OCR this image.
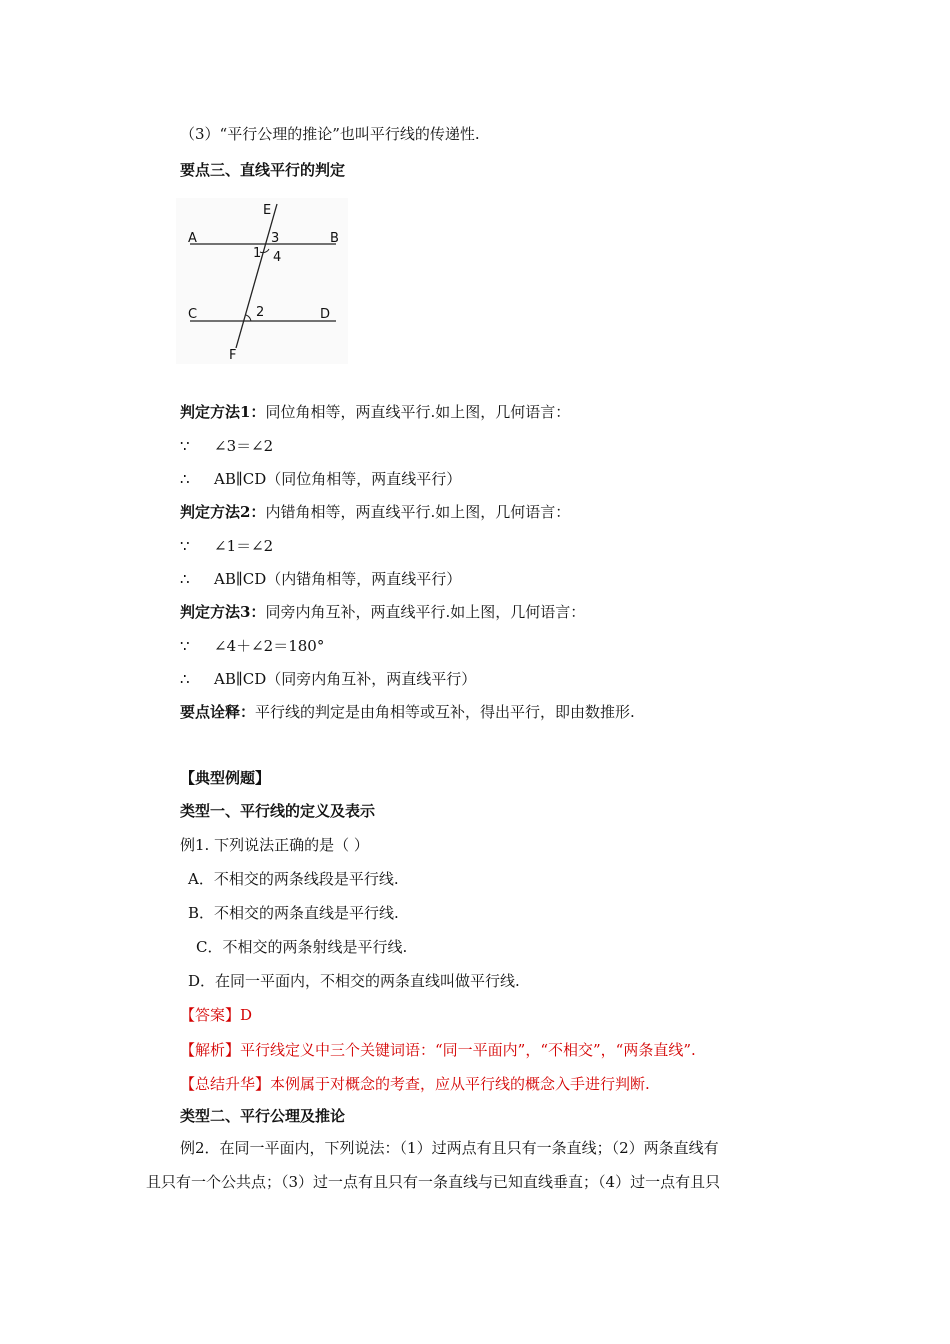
（3）“平行公理的推论”也叫平行线的传递性.
要点三、直线平行的判定
A	B
C	D
E
F
1
2
3
4
判定方法1：同位角相等，两直线平行.如上图，几何语言：
∵ ∠3＝∠2
∴ AB∥CD（同位角相等，两直线平行）
判定方法2：内错角相等，两直线平行.如上图，几何语言：
∵ ∠1＝∠2
∴ AB∥CD（内错角相等，两直线平行）
判定方法3：同旁内角互补，两直线平行.如上图，几何语言：
∵ ∠4＋∠2＝180°
∴ AB∥CD（同旁内角互补，两直线平行）
要点诠释：平行线的判定是由角相等或互补，得出平行，即由数推形.
【典型例题】
类型一、平行线的定义及表示
例1. 下列说法正确的是（ ）
A．不相交的两条线段是平行线.
B．不相交的两条直线是平行线.
C．不相交的两条射线是平行线.
D．在同一平面内，不相交的两条直线叫做平行线.
【答案】D
【解析】平行线定义中三个关键词语：“同一平面内”，“不相交”，“两条直线”.
【总结升华】本例属于对概念的考查，应从平行线的概念入手进行判断.
类型二、平行公理及推论
例2．在同一平面内，下列说法：（1）过两点有且只有一条直线；（2）两条直线有
且只有一个公共点；（3）过一点有且只有一条直线与已知直线垂直；（4）过一点有且只
